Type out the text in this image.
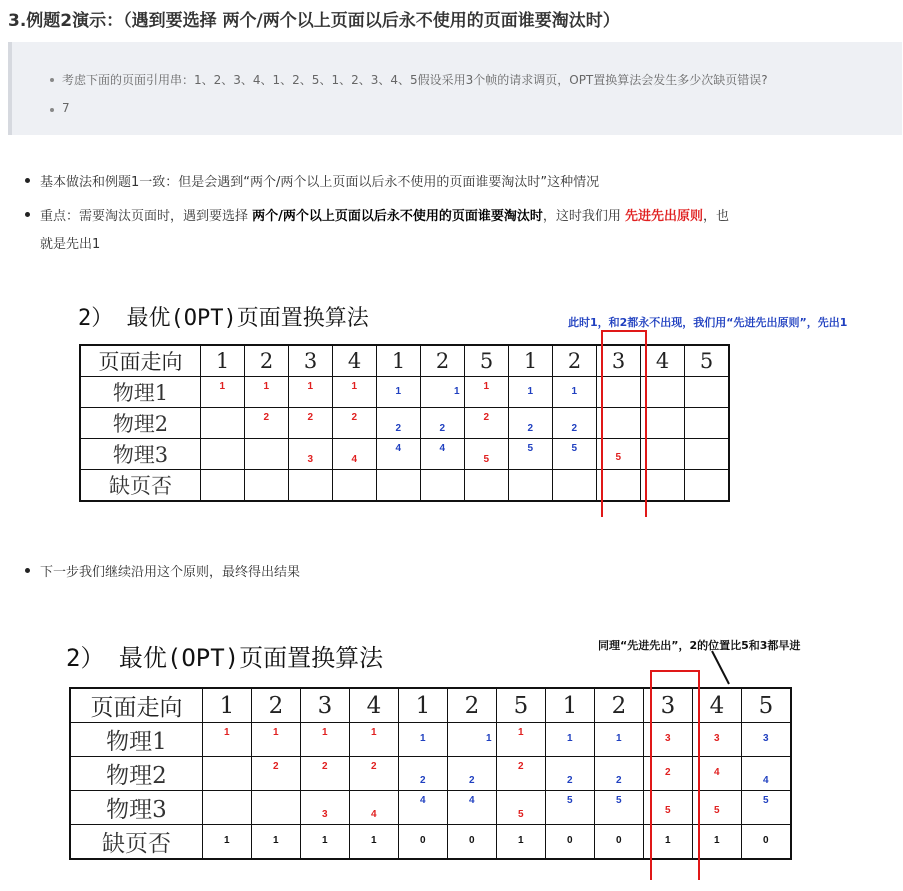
3.例题2演示：（遇到要选择 两个/两个以上页面以后永不使用的页面谁要淘汰时）
考虑下面的页面引用串：1、2、3、4、1、2、5、1、2、3、4、5假设采用3个帧的请求调页，OPT置换算法会发生多少次缺页错误?
7
基本做法和例题1一致：但是会遇到“两个/两个以上页面以后永不使用的页面谁要淘汰时”这种情况
重点：需要淘汰页面时，遇到要选择 两个/两个以上页面以后永不使用的页面谁要淘汰时，这时我们用 先进先出原则，也
就是先出1
下一步我们继续沿用这个原则，最终得出结果
2） 最优(OPT)页面置换算法	此时1，和2都永不出现，我们用“先进先出原则”，先出1
页面走向	1	2	3	4	1	2	5	1	2	3	4	5
物理1	1	1	1	1	1	1	1	1	1			

物理2		2	2	2	2	2	2	2	2			

物理3			3	4	4	4	5	5	5	5		

缺页否												
2） 最优(OPT)页面置换算法	同理“先进先出”，2的位置比5和3都早进
页面走向	1	2	3	4	1	2	5	1	2	3	4	5
物理1	1	1	1	1	1	1	1	1	1	3	3	3

物理2		2	2	2	2	2	2	2	2	2	4	4

物理3			3	4	4	4	5	5	5	5	5	5

缺页否	1	1	1	1	0	0	1	0	0	1	1	0
